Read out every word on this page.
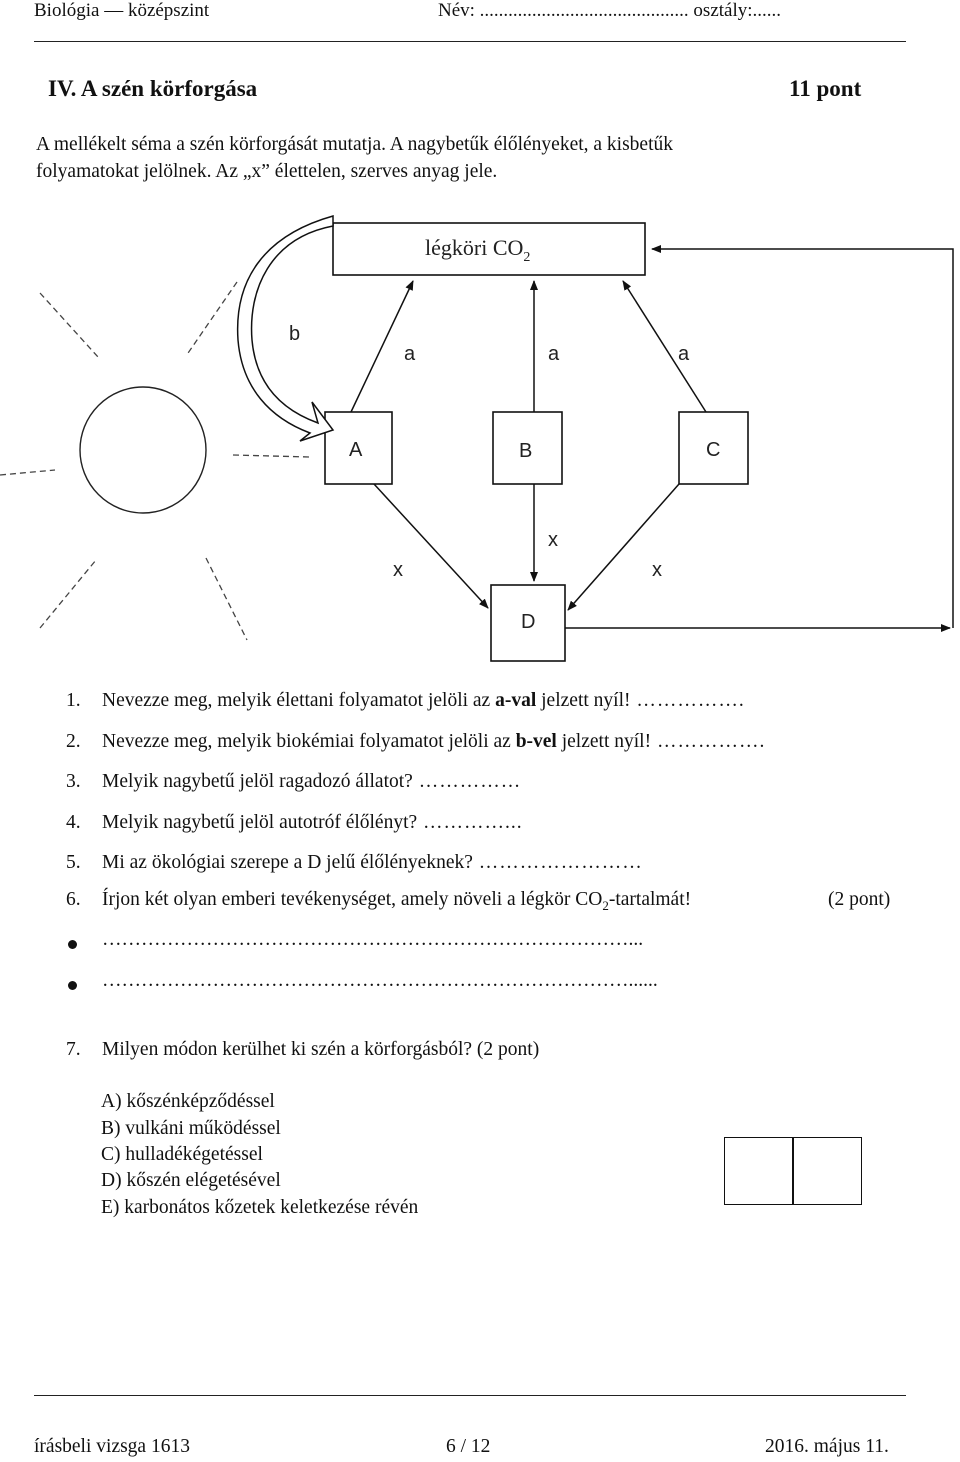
Biológia — középszint	Név: ............................................ osztály:......
IV. A szén körforgása	11 pont
A mellékelt séma a szén körforgását mutatja. A nagybetűk élőlényeket, a kisbetűk
folyamatokat jelölnek. Az „x” élettelen, szerves anyag jele.
légköri $CO_2$
A	B	C
D
b
a	a	a
x
x
x
1. Nevezze meg, melyik élettani folyamatot jelöli az a-val jelzett nyíl! …………….
2. Nevezze meg, melyik biokémiai folyamatot jelöli az b-vel jelzett nyíl! …………….
3. Melyik nagybetű jelöl ragadozó állatot? ……………
4. Melyik nagybetű jelöl autotróf élőlényt? …………...
5. Mi az ökológiai szerepe a D jelű élőlényeknek? ……………………
6. Írjon két olyan emberi tevékenységet, amely növeli a légkör $CO_2$-tartalmát!	(2 pont)
………………………………………………………………………...
………………………………………………………………………......
7. Milyen módon kerülhet ki szén a körforgásból? (2 pont)
A) kőszénképződéssel
B) vulkáni működéssel
C) hulladékégetéssel
D) kőszén elégetésével
E) karbonátos kőzetek keletkezése révén
írásbeli vizsga 1613	6 / 12	2016. május 11.
